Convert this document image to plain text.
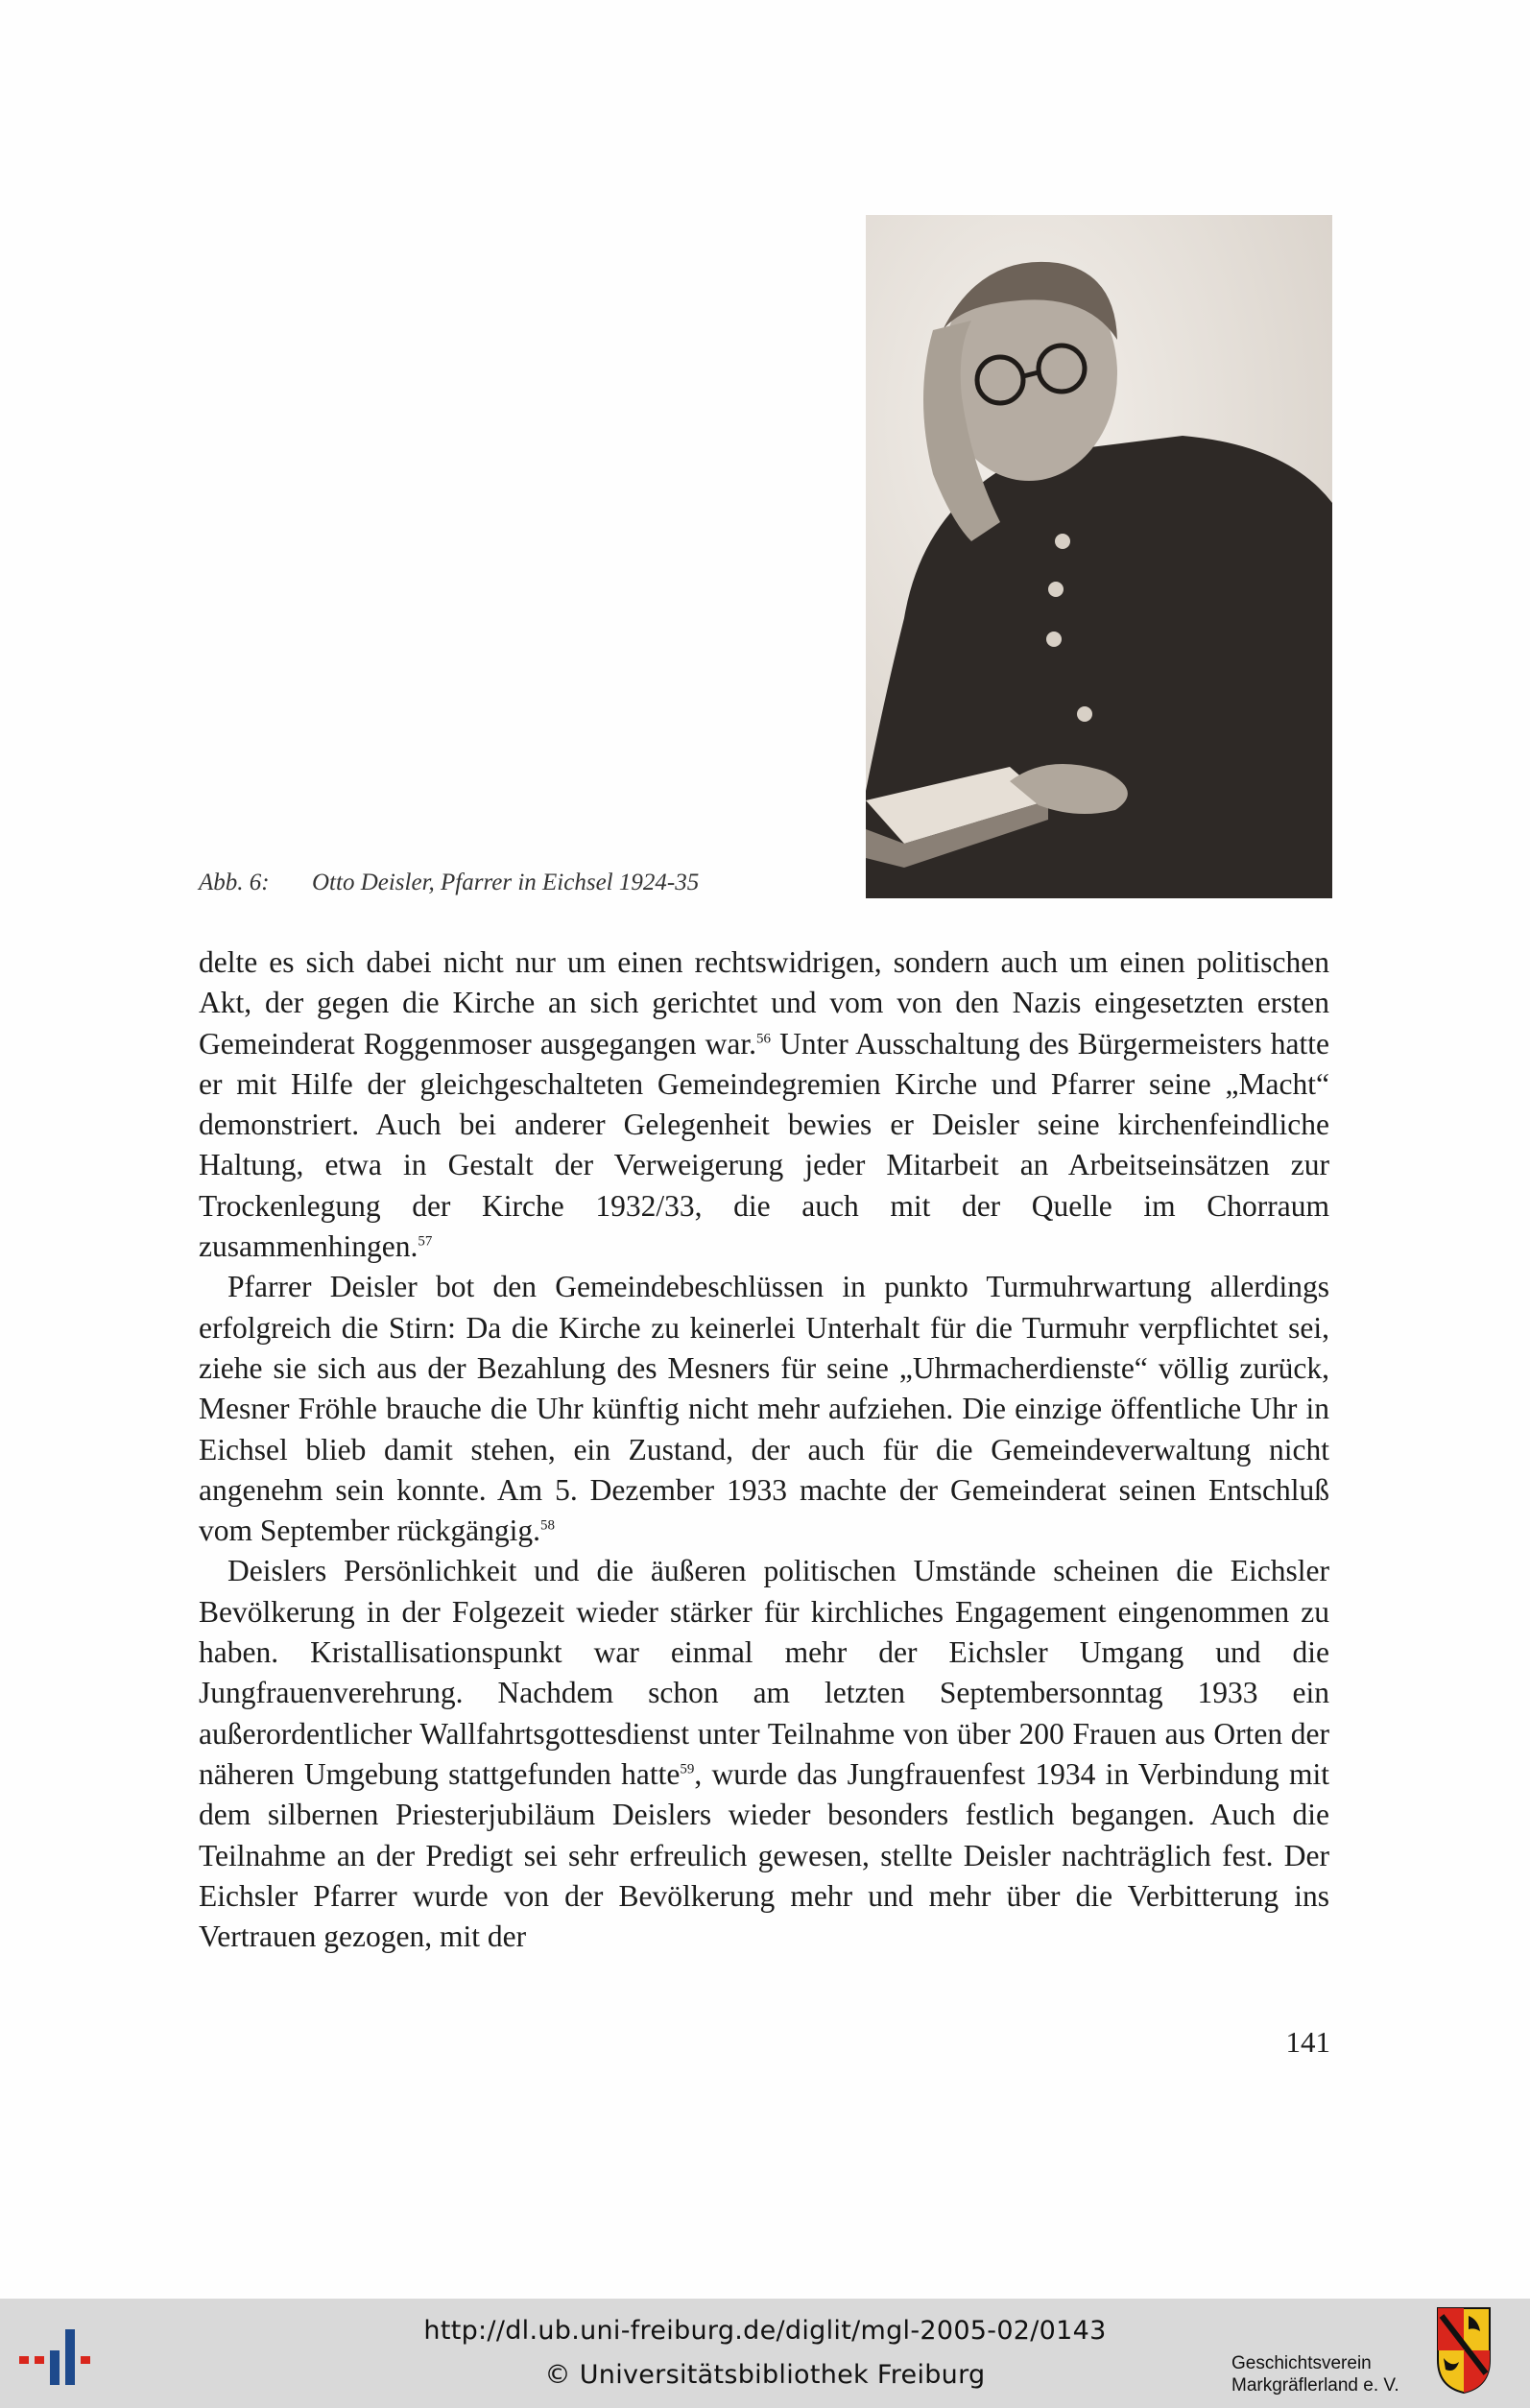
Abb. 6: Otto Deisler, Pfarrer in Eichsel 1924-35

delte es sich dabei nicht nur um einen rechtswidrigen, sondern auch um einen politischen Akt, der gegen die Kirche an sich gerichtet und vom von den Nazis eingesetzten ersten Gemeinderat Roggenmoser ausgegangen war.$^{56}$ Unter Ausschaltung des Bürgermeisters hatte er mit Hilfe der gleichgeschalteten Gemeindegremien Kirche und Pfarrer seine „Macht“ demonstriert. Auch bei anderer Gelegenheit bewies er Deisler seine kirchenfeindliche Haltung, etwa in Gestalt der Verweigerung jeder Mitarbeit an Arbeitseinsätzen zur Trockenlegung der Kirche 1932/33, die auch mit der Quelle im Chorraum zusammenhingen.$^{57}$

Pfarrer Deisler bot den Gemeindebeschlüssen in punkto Turmuhrwartung allerdings erfolgreich die Stirn: Da die Kirche zu keinerlei Unterhalt für die Turmuhr verpflichtet sei, ziehe sie sich aus der Bezahlung des Mesners für seine „Uhrmacherdienste“ völlig zurück, Mesner Fröhle brauche die Uhr künftig nicht mehr aufziehen. Die einzige öffentliche Uhr in Eichsel blieb damit stehen, ein Zustand, der auch für die Gemeindeverwaltung nicht angenehm sein konnte. Am 5. Dezember 1933 machte der Gemeinderat seinen Entschluß vom September rückgängig.$^{58}$

Deislers Persönlichkeit und die äußeren politischen Umstände scheinen die Eichsler Bevölkerung in der Folgezeit wieder stärker für kirchliches Engagement eingenommen zu haben. Kristallisationspunkt war einmal mehr der Eichsler Umgang und die Jungfrauenverehrung. Nachdem schon am letzten Septembersonntag 1933 ein außerordentlicher Wallfahrtsgottesdienst unter Teilnahme von über 200 Frauen aus Orten der näheren Umgebung stattgefunden hatte$^{59}$, wurde das Jungfrauenfest 1934 in Verbindung mit dem silbernen Priesterjubiläum Deislers wieder besonders festlich begangen. Auch die Teilnahme an der Predigt sei sehr erfreulich gewesen, stellte Deisler nachträglich fest. Der Eichsler Pfarrer wurde von der Bevölkerung mehr und mehr über die Verbitterung ins Vertrauen gezogen, mit der

141
http://dl.ub.uni-freiburg.de/diglit/mgl-2005-02/0143
© Universitätsbibliothek Freiburg	Geschichtsverein
Markgräflerland e. V.
